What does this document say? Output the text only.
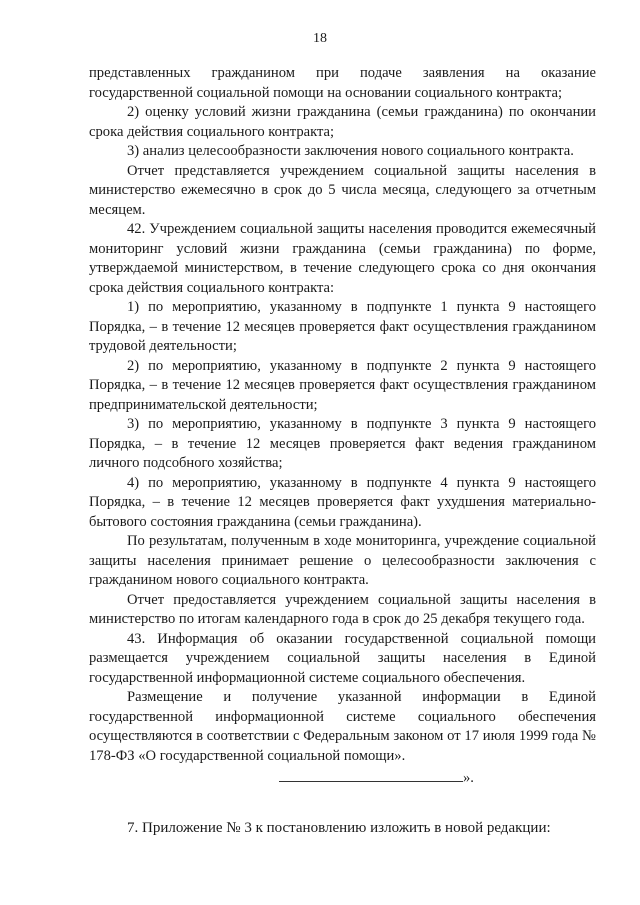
18

представленных гражданином при подаче заявления на оказание государственной социальной помощи на основании социального контракта;

2) оценку условий жизни гражданина (семьи гражданина) по окончании срока действия социального контракта;

3) анализ целесообразности заключения нового социального контракта.

Отчет представляется учреждением социальной защиты населения в министерство ежемесячно в срок до 5 числа месяца, следующего за отчетным месяцем.

42. Учреждением социальной защиты населения проводится ежемесячный мониторинг условий жизни гражданина (семьи гражданина) по форме, утверждаемой министерством, в течение следующего срока со дня окончания срока действия социального контракта:

1) по мероприятию, указанному в подпункте 1 пункта 9 настоящего Порядка, – в течение 12 месяцев проверяется факт осуществления гражданином трудовой деятельности;

2) по мероприятию, указанному в подпункте 2 пункта 9 настоящего Порядка, – в течение 12 месяцев проверяется факт осуществления гражданином предпринимательской деятельности;

3) по мероприятию, указанному в подпункте 3 пункта 9 настоящего Порядка, – в течение 12 месяцев проверяется факт ведения гражданином личного подсобного хозяйства;

4) по мероприятию, указанному в подпункте 4 пункта 9 настоящего Порядка, – в течение 12 месяцев проверяется факт ухудшения материально-бытового состояния гражданина (семьи гражданина).

По результатам, полученным в ходе мониторинга, учреждение социальной защиты населения принимает решение о целесообразности заключения с гражданином нового социального контракта.

Отчет предоставляется учреждением социальной защиты населения в министерство по итогам календарного года в срок до 25 декабря текущего года.

43. Информация об оказании государственной социальной помощи размещается учреждением социальной защиты населения в Единой государственной информационной системе социального обеспечения.

Размещение и получение указанной информации в Единой государственной информационной системе социального обеспечения осуществляются в соответствии с Федеральным законом от 17 июля 1999 года № 178-ФЗ «О государственной социальной помощи».

».
7. Приложение № 3 к постановлению изложить в новой редакции:
